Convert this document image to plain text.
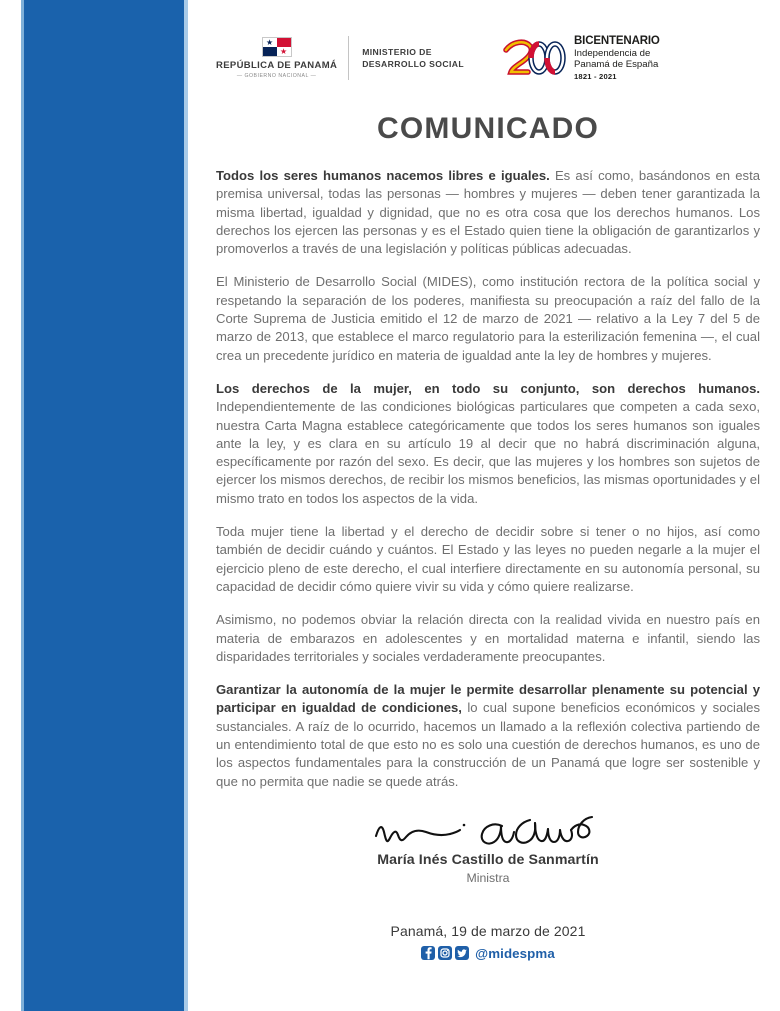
★
★
REPÚBLICA DE PANAMÁ
— GOBIERNO NACIONAL —
MINISTERIO DE
DESARROLLO SOCIAL
BICENTENARIO
Independencia de
Panamá de España
1821 - 2021
COMUNICADO

Todos los seres humanos nacemos libres e iguales. Es así como, basándonos en esta premisa universal, todas las personas — hombres y mujeres — deben tener garantizada la misma libertad, igualdad y dignidad, que no es otra cosa que los derechos humanos. Los derechos los ejercen las personas y es el Estado quien tiene la obligación de garantizarlos y promoverlos a través de una legislación y políticas públicas adecuadas.

El Ministerio de Desarrollo Social (MIDES), como institución rectora de la política social y respetando la separación de los poderes, manifiesta su preocupación a raíz del fallo de la Corte Suprema de Justicia emitido el 12 de marzo de 2021 — relativo a la Ley 7 del 5 de marzo de 2013, que establece el marco regulatorio para la esterilización femenina —, el cual crea un precedente jurídico en materia de igualdad ante la ley de hombres y mujeres.

Los derechos de la mujer, en todo su conjunto, son derechos humanos. Independientemente de las condiciones biológicas particulares que competen a cada sexo, nuestra Carta Magna establece categóricamente que todos los seres humanos son iguales ante la ley, y es clara en su artículo 19 al decir que no habrá discriminación alguna, específicamente por razón del sexo. Es decir, que las mujeres y los hombres son sujetos de ejercer los mismos derechos, de recibir los mismos beneficios, las mismas oportunidades y el mismo trato en todos los aspectos de la vida.

Toda mujer tiene la libertad y el derecho de decidir sobre si tener o no hijos, así como también de decidir cuándo y cuántos. El Estado y las leyes no pueden negarle a la mujer el ejercicio pleno de este derecho, el cual interfiere directamente en su autonomía personal, su capacidad de decidir cómo quiere vivir su vida y cómo quiere realizarse.

Asimismo, no podemos obviar la relación directa con la realidad vivida en nuestro país en materia de embarazos en adolescentes y en mortalidad materna e infantil, siendo las disparidades territoriales y sociales verdaderamente preocupantes.

Garantizar la autonomía de la mujer le permite desarrollar plenamente su potencial y participar en igualdad de condiciones, lo cual supone beneficios económicos y sociales sustanciales. A raíz de lo ocurrido, hacemos un llamado a la reflexión colectiva partiendo de un entendimiento total de que esto no es solo una cuestión de derechos humanos, es uno de los aspectos fundamentales para la construcción de un Panamá que logre ser sostenible y que no permita que nadie se quede atrás.

María Inés Castillo de Sanmartín
Ministra
Panamá, 19 de marzo de 2021
@midespma
